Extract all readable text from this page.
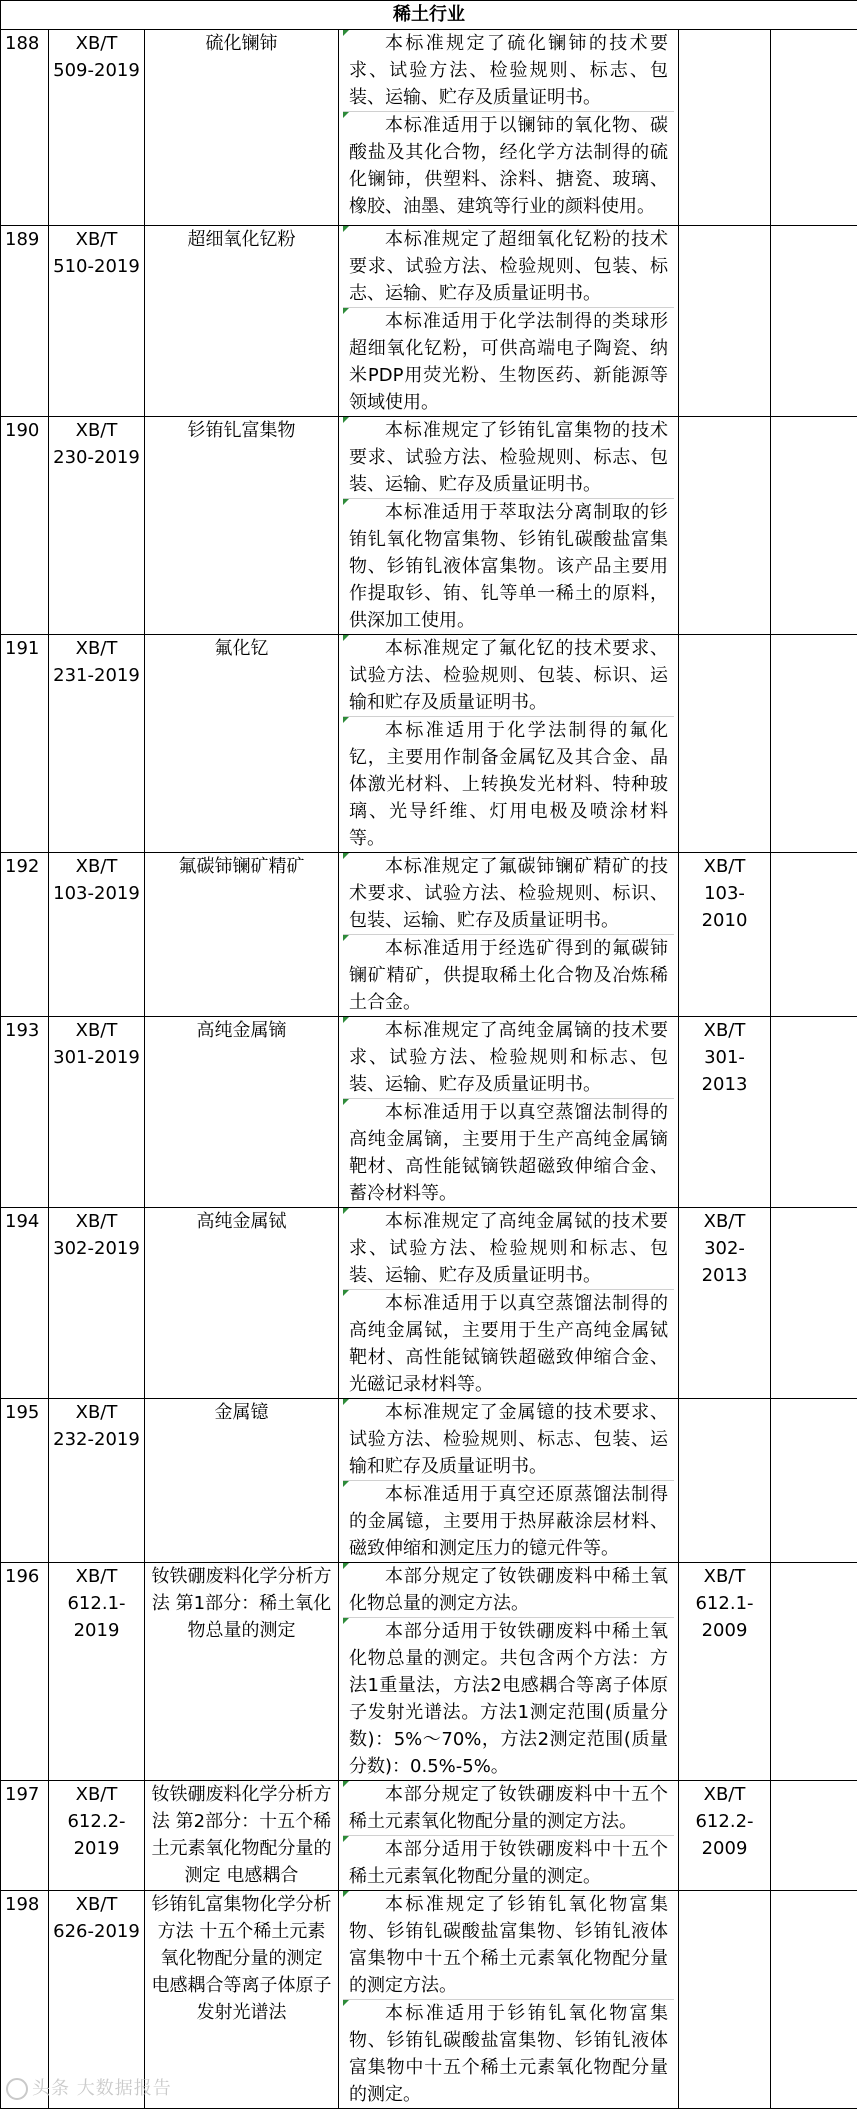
稀土行业					
188	XB/T 509-2019	硫化镧铈	本标准规定了硫化镧铈的技术要求、试验方法、检验规则、标志、包装、运输、贮存及质量证明书。
本标准适用于以镧铈的氧化物、碳酸盐及其化合物，经化学方法制得的硫化镧铈，供塑料、涂料、搪瓷、玻璃、橡胶、油墨、建筑等行业的颜料使用。		

189	XB/T 510-2019	超细氧化钇粉	本标准规定了超细氧化钇粉的技术要求、试验方法、检验规则、包装、标志、运输、贮存及质量证明书。
本标准适用于化学法制得的类球形超细氧化钇粉，可供高端电子陶瓷、纳米PDP用荧光粉、生物医药、新能源等领域使用。		

190	XB/T 230-2019	钐铕钆富集物	本标准规定了钐铕钆富集物的技术要求、试验方法、检验规则、标志、包装、运输、贮存及质量证明书。
本标准适用于萃取法分离制取的钐铕钆氧化物富集物、钐铕钆碳酸盐富集物、钐铕钆液体富集物。该产品主要用作提取钐、铕、钆等单一稀土的原料，供深加工使用。		

191	XB/T 231-2019	氟化钇	本标准规定了氟化钇的技术要求、试验方法、检验规则、包装、标识、运输和贮存及质量证明书。
本标准适用于化学法制得的氟化钇，主要用作制备金属钇及其合金、晶体激光材料、上转换发光材料、特种玻璃、光导纤维、灯用电极及喷涂材料等。		

192	XB/T 103-2019	氟碳铈镧矿精矿	本标准规定了氟碳铈镧矿精矿的技术要求、试验方法、检验规则、标识、包装、运输、贮存及质量证明书。
本标准适用于经选矿得到的氟碳铈镧矿精矿，供提取稀土化合物及冶炼稀土合金。	XB/T 103-2010	
193	XB/T 301-2019	高纯金属镝	本标准规定了高纯金属镝的技术要求、试验方法、检验规则和标志、包装、运输、贮存及质量证明书。
本标准适用于以真空蒸馏法制得的高纯金属镝，主要用于生产高纯金属镝靶材、高性能铽镝铁超磁致伸缩合金、蓄冷材料等。	XB/T 301-2013	
194	XB/T 302-2019	高纯金属铽	本标准规定了高纯金属铽的技术要求、试验方法、检验规则和标志、包装、运输、贮存及质量证明书。
本标准适用于以真空蒸馏法制得的高纯金属铽，主要用于生产高纯金属铽靶材、高性能铽镝铁超磁致伸缩合金、光磁记录材料等。	XB/T 302-2013	
195	XB/T 232-2019	金属镱	本标准规定了金属镱的技术要求、试验方法、检验规则、标志、包装、运输和贮存及质量证明书。
本标准适用于真空还原蒸馏法制得的金属镱，主要用于热屏蔽涂层材料、磁致伸缩和测定压力的镱元件等。		

196	XB/T 612.1-2019	钕铁硼废料化学分析方法 第1部分：稀土氧化物总量的测定	本部分规定了钕铁硼废料中稀土氧化物总量的测定方法。
本部分适用于钕铁硼废料中稀土氧化物总量的测定。共包含两个方法：方法1重量法，方法2电感耦合等离子体原子发射光谱法。方法1测定范围(质量分数)：5%～70%，方法2测定范围(质量分数)：0.5%-5%。	XB/T 612.1-2009	
197	XB/T 612.2-2019	钕铁硼废料化学分析方法 第2部分：十五个稀土元素氧化物配分量的测定 电感耦合	本部分规定了钕铁硼废料中十五个稀土元素氧化物配分量的测定方法。
本部分适用于钕铁硼废料中十五个稀土元素氧化物配分量的测定。	XB/T 612.2-2009	
198	XB/T 626-2019	钐铕钆富集物化学分析方法 十五个稀土元素氧化物配分量的测定 电感耦合等离子体原子发射光谱法	本标准规定了钐铕钆氧化物富集物、钐铕钆碳酸盐富集物、钐铕钆液体富集物中十五个稀土元素氧化物配分量的测定方法。
本标准适用于钐铕钆氧化物富集物、钐铕钆碳酸盐富集物、钐铕钆液体富集物中十五个稀土元素氧化物配分量的测定。		

头条 大数据报告
